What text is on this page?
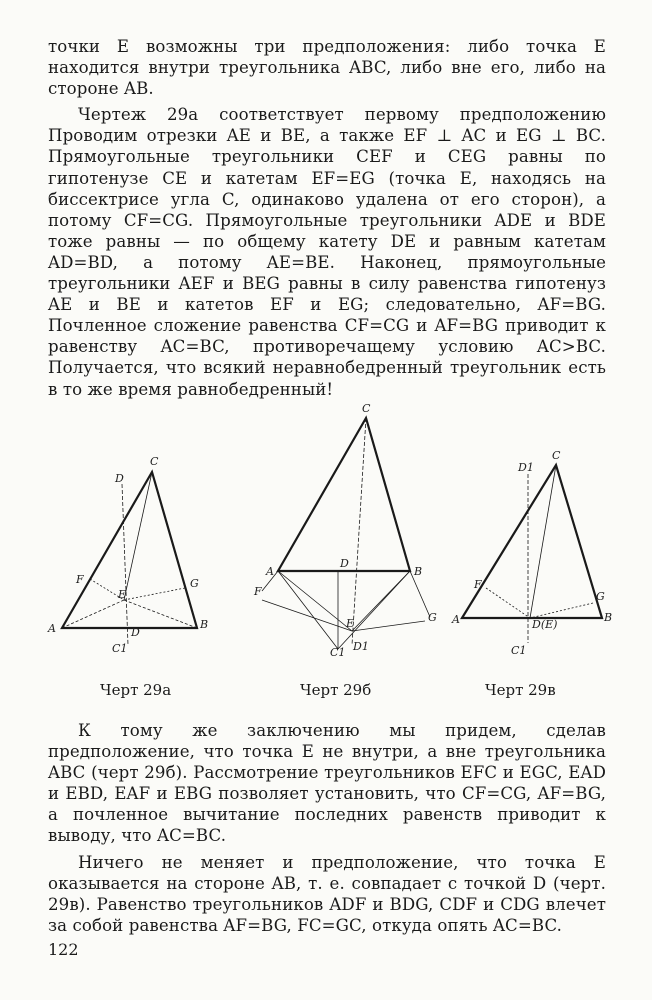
точки E возможны три предположения: либо точка E находится внутри треугольника ABC, либо вне его, либо на стороне AB.

Чертеж 29а соответствует первому предположению Проводим отрезки AE и BE, а также EF ⊥ AC и EG ⊥ BC. Прямоугольные треугольники CEF и CEG равны по гипотенузе CE и катетам EF=EG (точка E, находясь на биссектрисе угла C, одинаково удалена от его сторон), а потому CF=CG. Прямоугольные треугольники ADE и BDE тоже равны — по общему катету DE и равным катетам AD=BD, а потому AE=BE. Наконец, прямоугольные треугольники AEF и BEG равны в силу равенства гипотенуз AE и BE и катетов EF и EG; следовательно, AF=BG. Почленное сложение равенства CF=CG и AF=BG приводит к равенству AC=BC, противоречащему условию AC>BC. Получается, что всякий неравнобедренный треугольник есть в то же время равнобедренный!

C
D
F
E
G
A	B
D
C1
C
A
D
B
F
E	G
C1 D1
D1
C
F
G
A	D(E)
B
C1
Черт 29а	Черт 29б	Черт 29в

К тому же заключению мы придем, сделав предположение, что точка E не внутри, а вне треугольника ABC (черт 29б). Рассмотрение треугольников EFC и EGC, EAD и EBD, EAF и EBG позволяет установить, что CF=CG, AF=BG, а почленное вычитание последних равенств приводит к выводу, что AC=BC.

Ничего не меняет и предположение, что точка E оказывается на стороне AB, т. е. совпадает с точкой D (черт. 29в). Равенство треугольников ADF и BDG, CDF и CDG влечет за собой равенства AF=BG, FC=GC, откуда опять AC=BC.

122
